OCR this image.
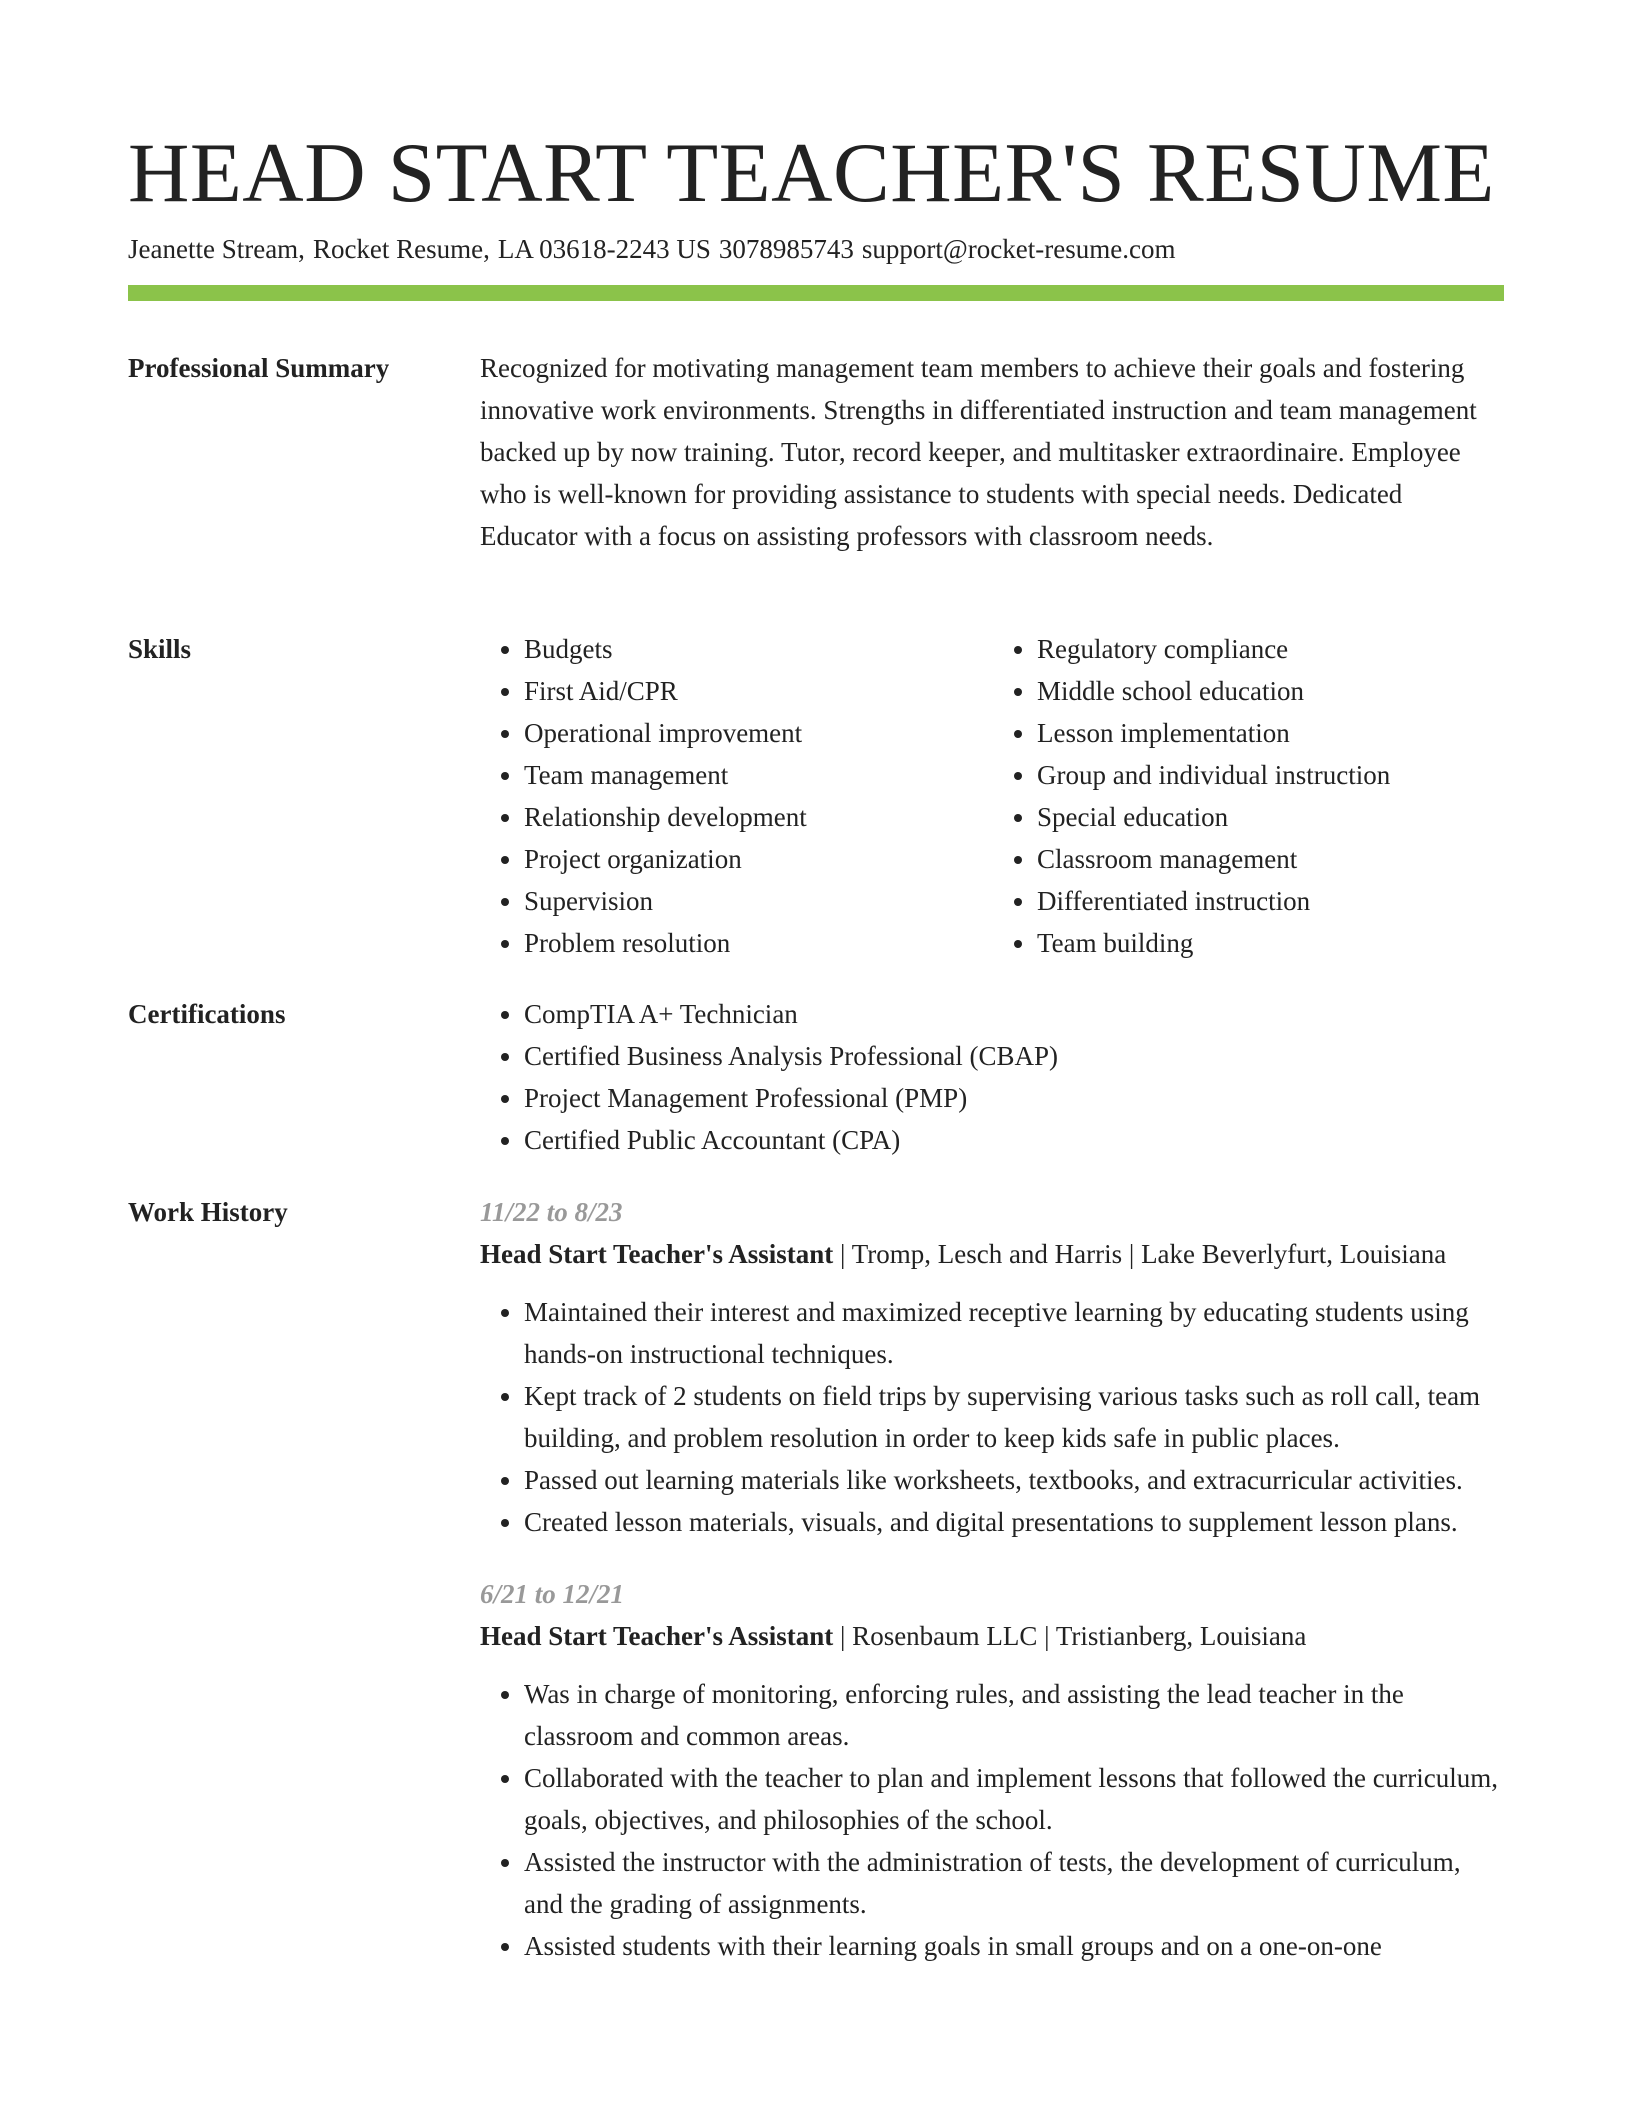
HEAD START TEACHER'S RESUME
Jeanette Stream, Rocket Resume, LA 03618-2243 US 3078985743 support@rocket-resume.com
Professional Summary	Recognized for motivating management team members to achieve their goals and fostering innovative work environments. Strengths in differentiated instruction and team management backed up by now training. Tutor, record keeper, and multitasker extraordinaire. Employee who is well-known for providing assistance to students with special needs. Dedicated Educator with a focus on assisting professors with classroom needs.

Skills	• Budgets
• First Aid/CPR
• Operational improvement
• Team management
• Relationship development
• Project organization
• Supervision
• Problem resolution
• Regulatory compliance
• Middle school education
• Lesson implementation
• Group and individual instruction
• Special education
• Classroom management
• Differentiated instruction
• Team building
Certifications	• CompTIA A+ Technician
• Certified Business Analysis Professional (CBAP)
• Project Management Professional (PMP)
• Certified Public Accountant (CPA)
Work History	11/22 to 8/23

Head Start Teacher's Assistant | Tromp, Lesch and Harris | Lake Beverlyfurt, Louisiana

• Maintained their interest and maximized receptive learning by educating students using hands-on instructional techniques.
• Kept track of 2 students on field trips by supervising various tasks such as roll call, team building, and problem resolution in order to keep kids safe in public places.
• Passed out learning materials like worksheets, textbooks, and extracurricular activities.
• Created lesson materials, visuals, and digital presentations to supplement lesson plans.

6/21 to 12/21

Head Start Teacher's Assistant | Rosenbaum LLC | Tristianberg, Louisiana

• Was in charge of monitoring, enforcing rules, and assisting the lead teacher in the classroom and common areas.
• Collaborated with the teacher to plan and implement lessons that followed the curriculum, goals, objectives, and philosophies of the school.
• Assisted the instructor with the administration of tests, the development of curriculum, and the grading of assignments.
• Assisted students with their learning goals in small groups and on a one-on-one
